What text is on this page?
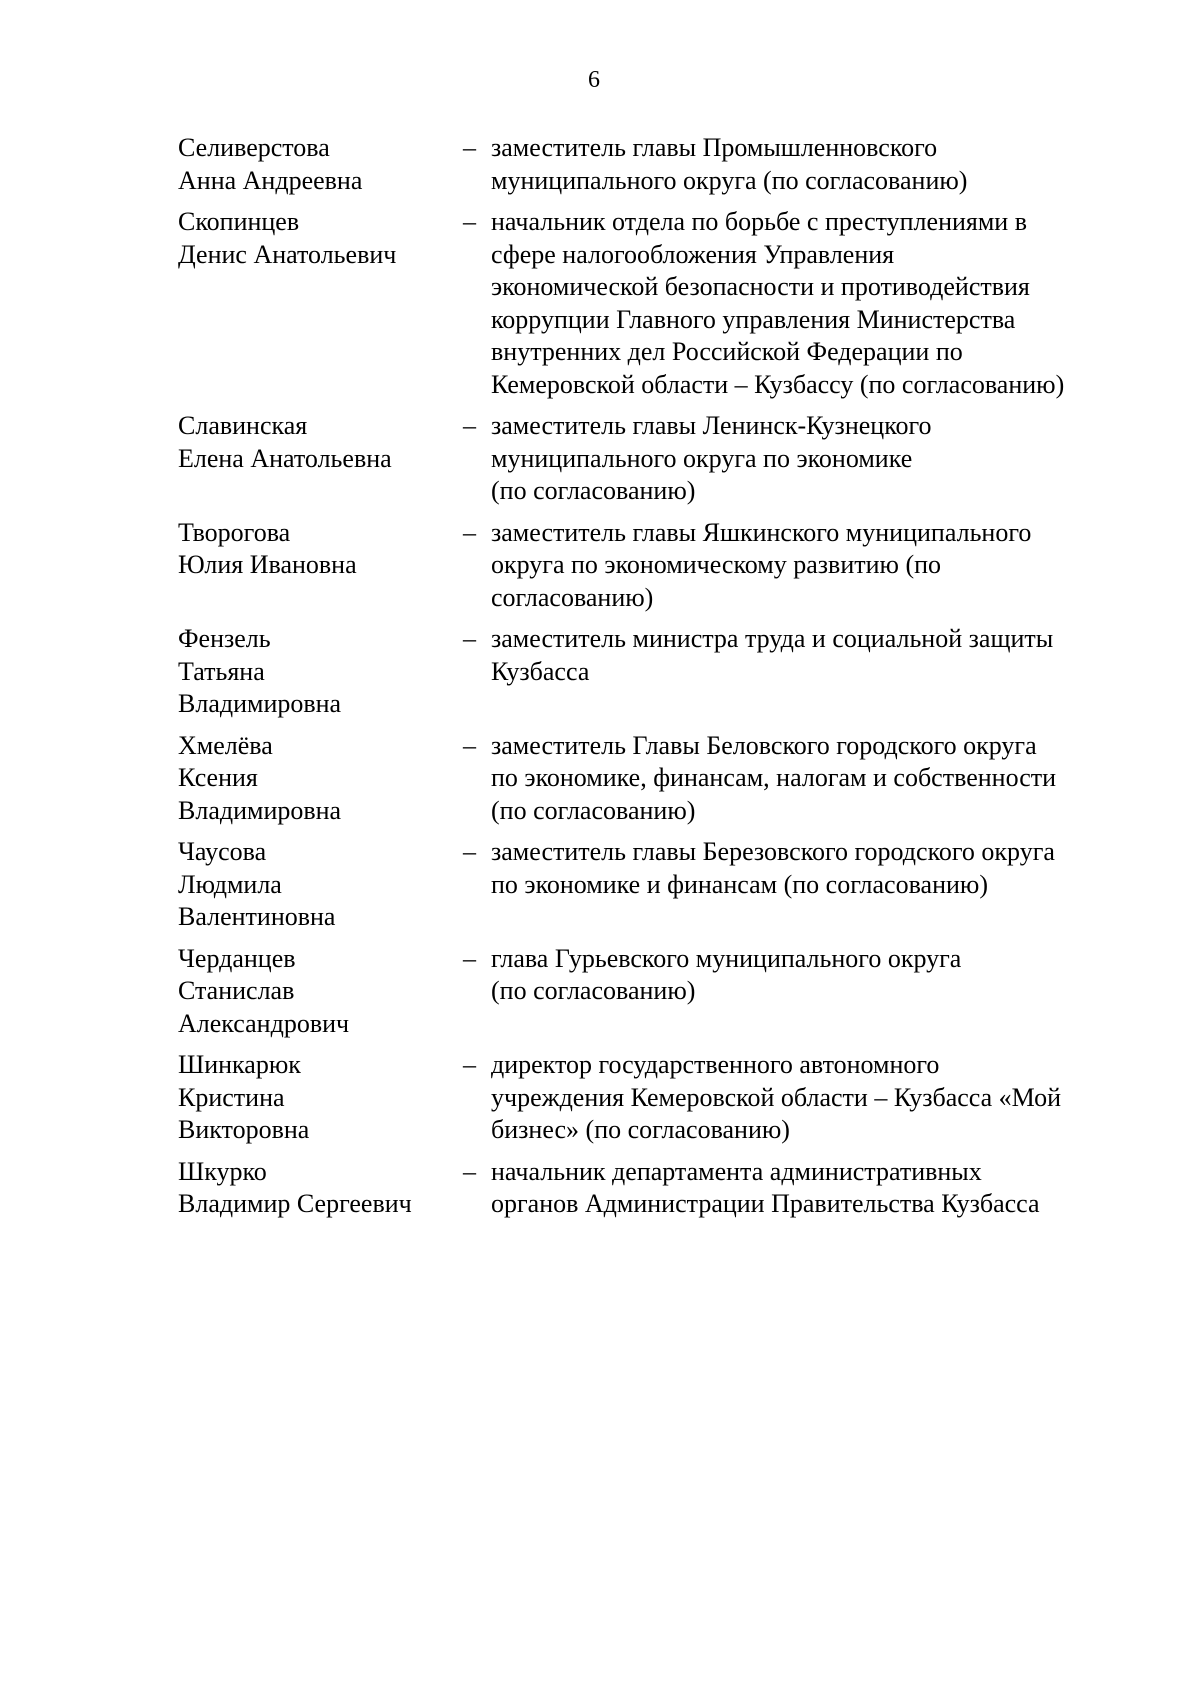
6
Селиверстова
Анна Андреевна
– заместитель главы Промышленновского
муниципального округа (по согласованию)
Скопинцев
Денис Анатольевич
– начальник отдела по борьбе с преступлениями в
сфере налогообложения Управления
экономической безопасности и противодействия
коррупции Главного управления Министерства
внутренних дел Российской Федерации по
Кемеровской области – Кузбассу (по согласованию)
Славинская
Елена Анатольевна
– заместитель главы Ленинск-Кузнецкого
муниципального округа по экономике
(по согласованию)
Творогова
Юлия Ивановна
– заместитель главы Яшкинского муниципального
округа по экономическому развитию (по
согласованию)
Фензель
Татьяна
Владимировна
– заместитель министра труда и социальной защиты
Кузбасса
Хмелёва
Ксения
Владимировна
– заместитель Главы Беловского городского округа
по экономике, финансам, налогам и собственности
(по согласованию)
Чаусова
Людмила
Валентиновна
– заместитель главы Березовского городского округа
по экономике и финансам (по согласованию)
Черданцев
Станислав
Александрович
– глава Гурьевского муниципального округа
(по согласованию)
Шинкарюк
Кристина
Викторовна
– директор государственного автономного
учреждения Кемеровской области – Кузбасса «Мой
бизнес» (по согласованию)
Шкурко
Владимир Сергеевич
– начальник департамента административных
органов Администрации Правительства Кузбасса
